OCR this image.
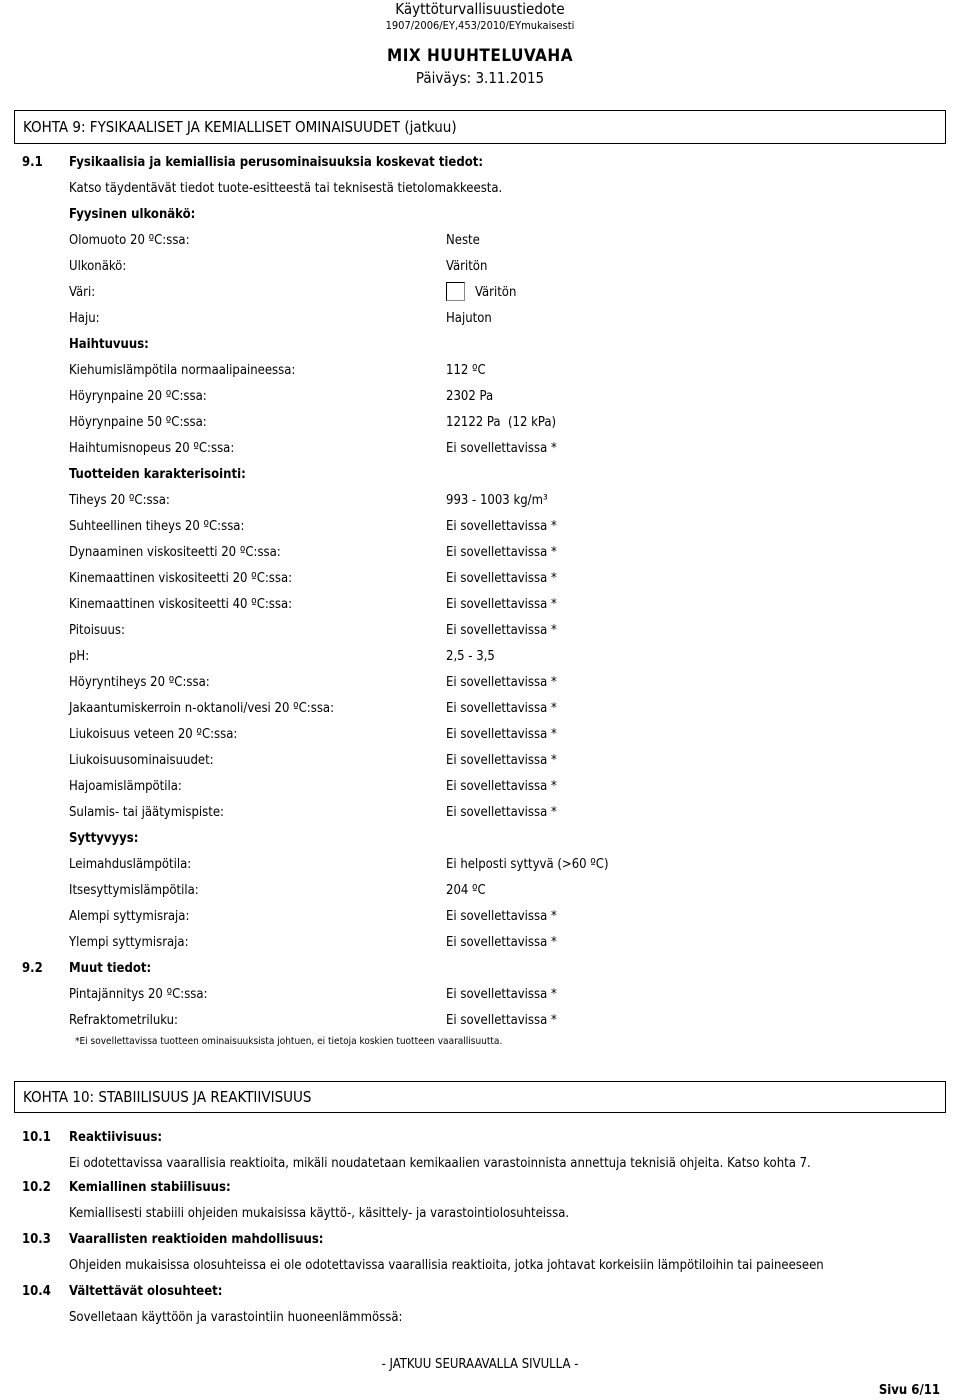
Käyttöturvallisuustiedote
1907/2006/EY,453/2010/EYmukaisesti
MIX HUUHTELUVAHA
Päiväys: 3.11.2015
KOHTA 9: FYSIKAALISET JA KEMIALLISET OMINAISUUDET (jatkuu)
9.1 Fysikaalisia ja kemiallisia perusominaisuuksia koskevat tiedot:
Katso täydentävät tiedot tuote-esitteestä tai teknisestä tietolomakkeesta.
Fyysinen ulkonäkö:
Olomuoto 20 ºC:ssa:	Neste
Ulkonäkö:	Väritön
Väri:	Väritön
Haju:	Hajuton
Haihtuvuus:
Kiehumislämpötila normaalipaineessa:	112 ºC
Höyrynpaine 20 ºC:ssa:	2302 Pa
Höyrynpaine 50 ºC:ssa:	12122 Pa  (12 kPa)
Haihtumisnopeus 20 ºC:ssa:	Ei sovellettavissa *
Tuotteiden karakterisointi:
Tiheys 20 ºC:ssa:	993 - 1003 kg/m³
Suhteellinen tiheys 20 ºC:ssa:	Ei sovellettavissa *
Dynaaminen viskositeetti 20 ºC:ssa:	Ei sovellettavissa *
Kinemaattinen viskositeetti 20 ºC:ssa:	Ei sovellettavissa *
Kinemaattinen viskositeetti 40 ºC:ssa:	Ei sovellettavissa *
Pitoisuus:	Ei sovellettavissa *
pH:	2,5 - 3,5
Höyryntiheys 20 ºC:ssa:	Ei sovellettavissa *
Jakaantumiskerroin n-oktanoli/vesi 20 ºC:ssa:	Ei sovellettavissa *
Liukoisuus veteen 20 ºC:ssa:	Ei sovellettavissa *
Liukoisuusominaisuudet:	Ei sovellettavissa *
Hajoamislämpötila:	Ei sovellettavissa *
Sulamis- tai jäätymispiste:	Ei sovellettavissa *
Syttyvyys:
Leimahduslämpötila:	Ei helposti syttyvä (>60 ºC)
Itsesyttymislämpötila:	204 ºC
Alempi syttymisraja:	Ei sovellettavissa *
Ylempi syttymisraja:	Ei sovellettavissa *
9.2 Muut tiedot:
Pintajännitys 20 ºC:ssa:	Ei sovellettavissa *
Refraktometriluku:	Ei sovellettavissa *
*Ei sovellettavissa tuotteen ominaisuuksista johtuen, ei tietoja koskien tuotteen vaarallisuutta.
KOHTA 10: STABIILISUUS JA REAKTIIVISUUS
10.1 Reaktiivisuus:
Ei odotettavissa vaarallisia reaktioita, mikäli noudatetaan kemikaalien varastoinnista annettuja teknisiä ohjeita. Katso kohta 7.
10.2 Kemiallinen stabiilisuus:
Kemiallisesti stabiili ohjeiden mukaisissa käyttö-, käsittely- ja varastointiolosuhteissa.
10.3 Vaarallisten reaktioiden mahdollisuus:
Ohjeiden mukaisissa olosuhteissa ei ole odotettavissa vaarallisia reaktioita, jotka johtavat korkeisiin lämpötiloihin tai paineeseen
10.4 Vältettävät olosuhteet:
Sovelletaan käyttöön ja varastointiin huoneenlämmössä:
- JATKUU SEURAAVALLA SIVULLA -
Sivu 6/11
